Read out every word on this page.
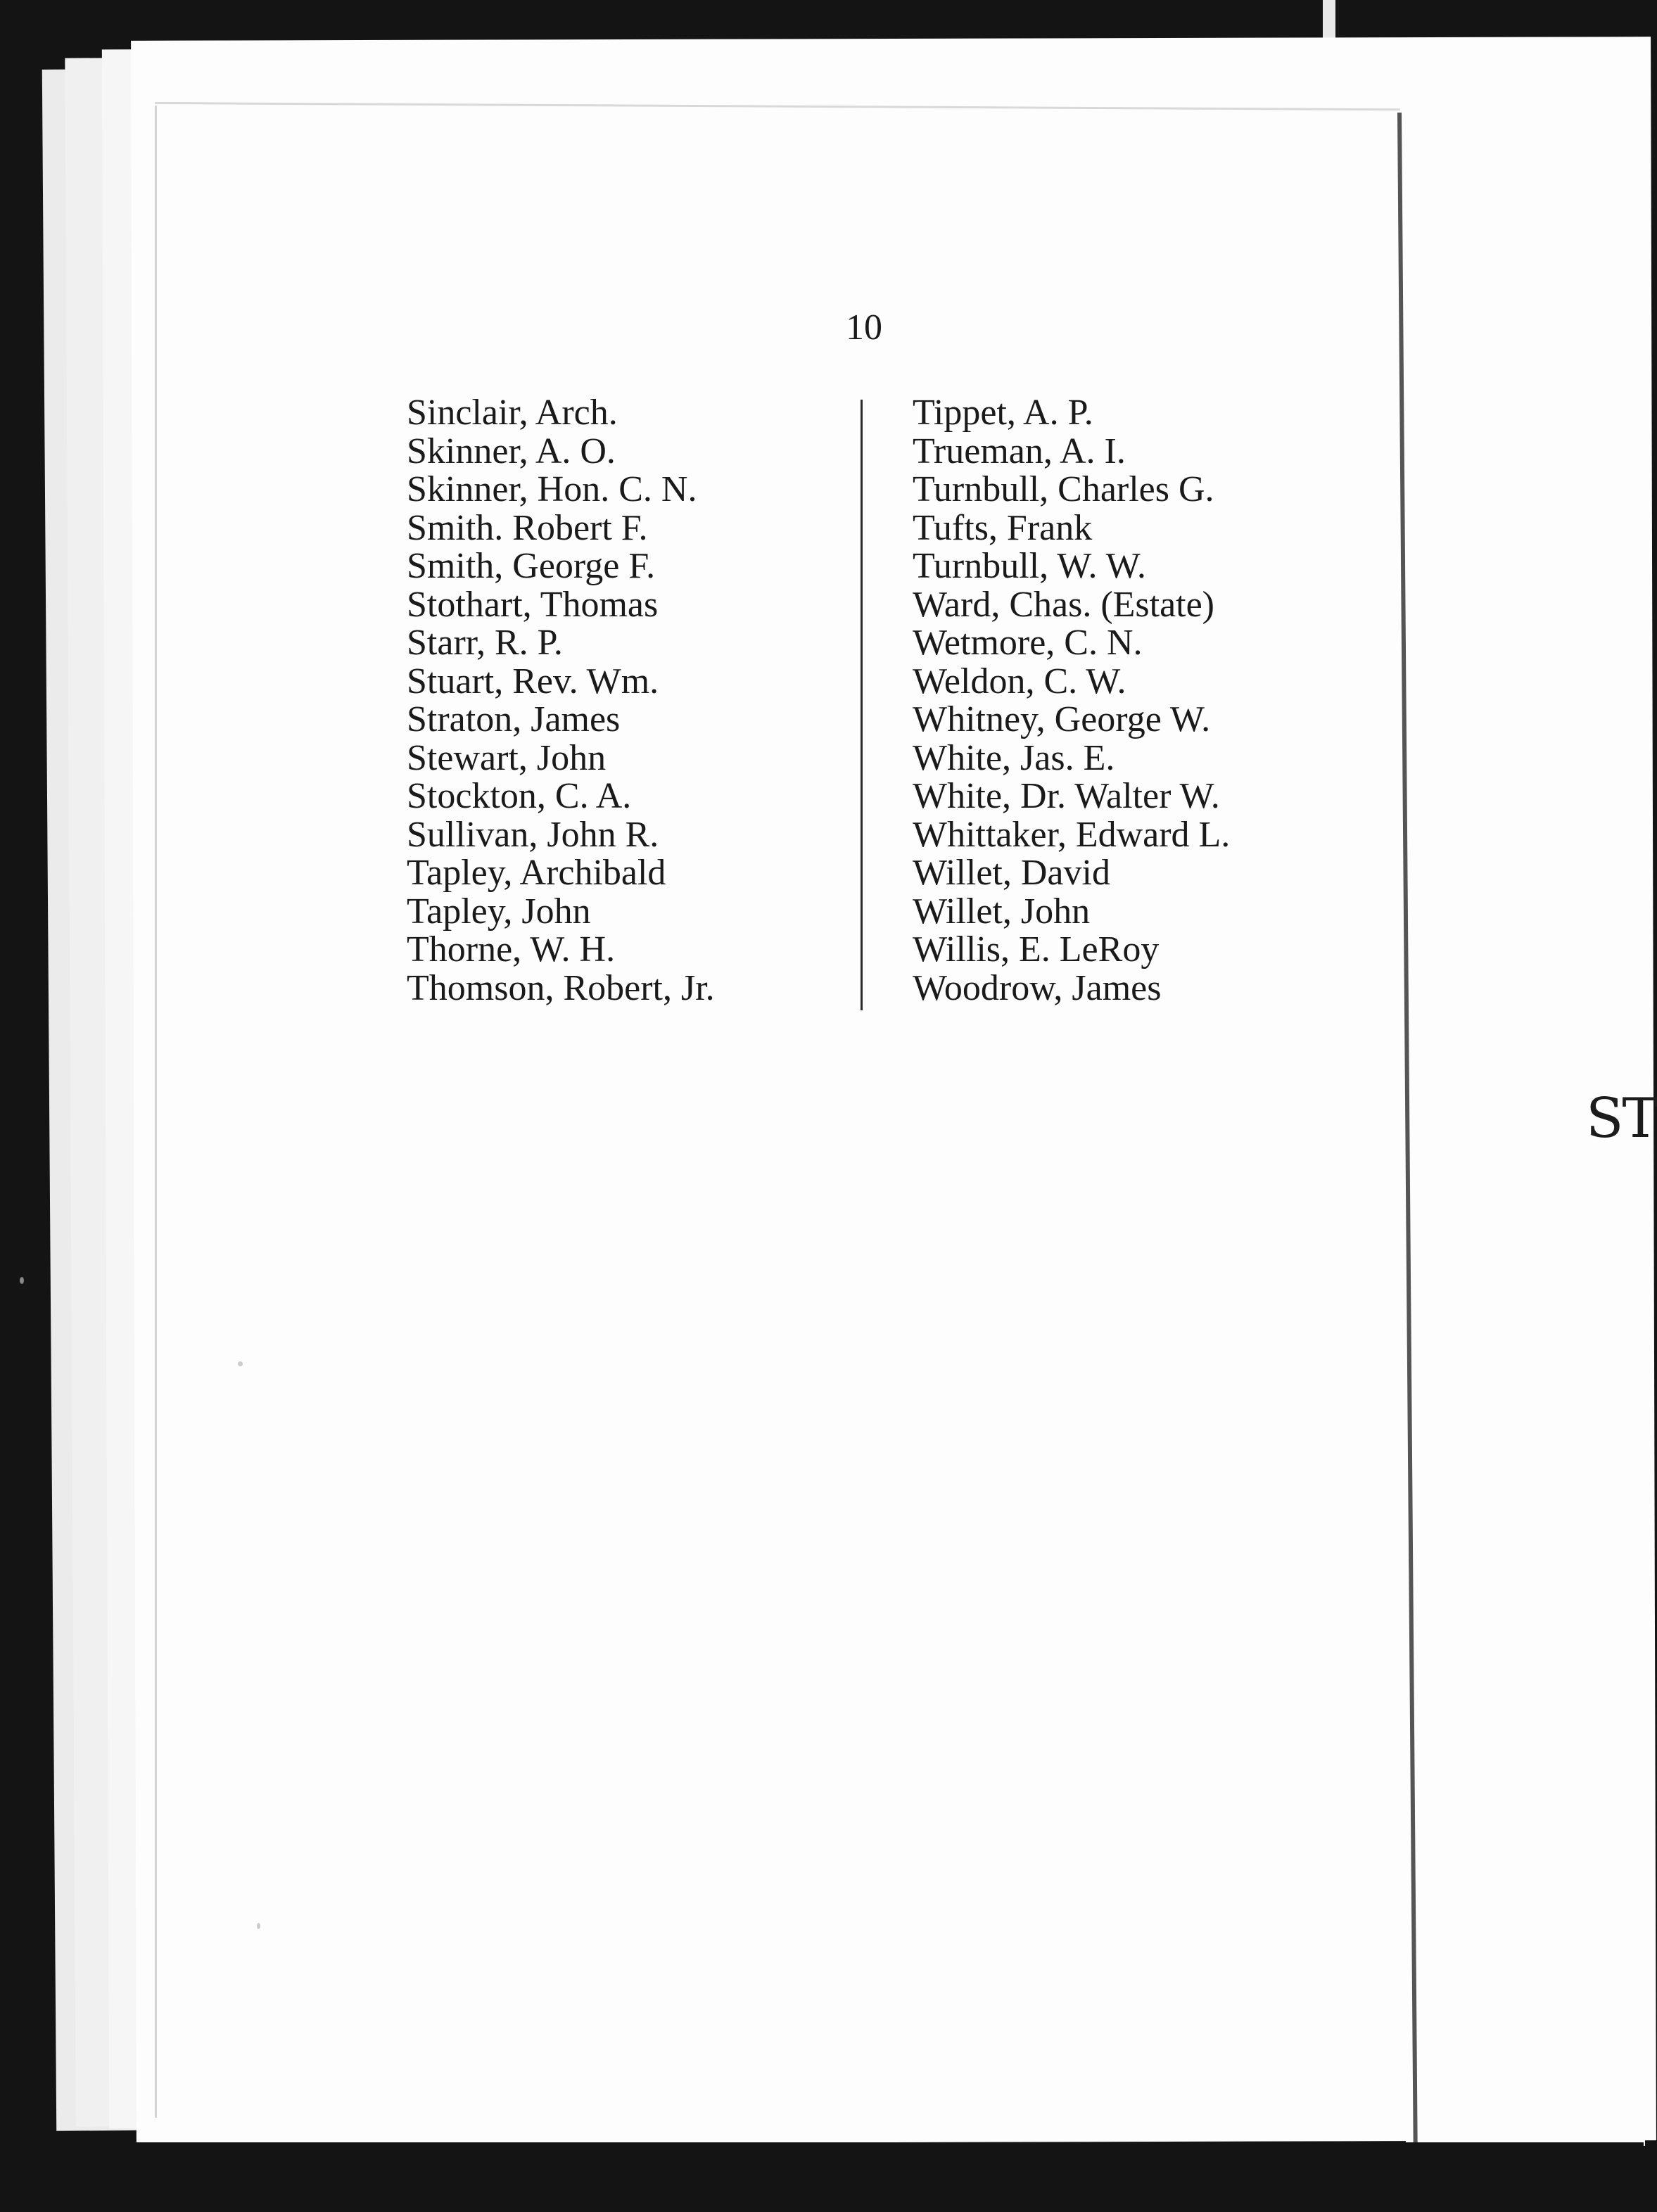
ST
10
Sinclair, Arch.
Skinner, A. O.
Skinner, Hon. C. N.
Smith. Robert F.
Smith, George F.
Stothart, Thomas
Starr, R. P.
Stuart, Rev. Wm.
Straton, James
Stewart, John
Stockton, C. A.
Sullivan, John R.
Tapley, Archibald
Tapley, John
Thorne, W. H.
Thomson, Robert, Jr.
Tippet, A. P.
Trueman, A. I.
Turnbull, Charles G.
Tufts, Frank
Turnbull, W. W.
Ward, Chas. (Estate)
Wetmore, C. N.
Weldon, C. W.
Whitney, George W.
White, Jas. E.
White, Dr. Walter W.
Whittaker, Edward L.
Willet, David
Willet, John
Willis, E. LeRoy
Woodrow, James
